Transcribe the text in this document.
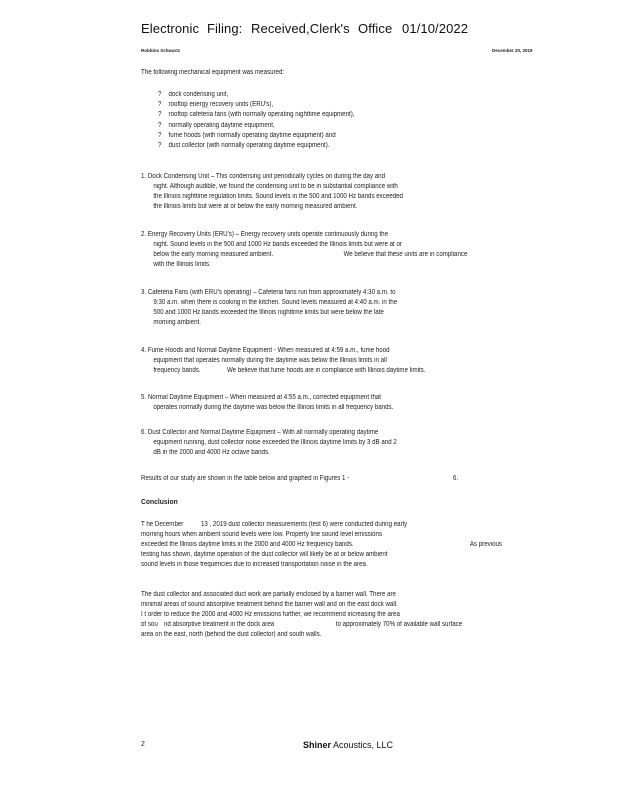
Electronic Filing: Received,Clerk's Office 01/10/2022
Robbins Schwartz	December 20, 2019
The following mechanical equipment was measured:
? dock condensing unit,
? rooftop energy recovery units (ERU's),
? rooftop cafeteria fans (with normally operating nighttime equipment),
? normally operating daytime equipment,
? fume hoods (with normally operating daytime equipment) and
? dust collector (with normally operating daytime equipment).
1. Dock Condensing Unit – This condensing unit periodically cycles on during the day and
night. Although audible, we found the condensing unit to be in substantial compliance with
the Illinois nighttime regulation limits. Sound levels in the 500 and 1000 Hz bands exceeded
the Illinois limits but were at or below the early morning measured ambient.
2. Energy Recovery Units (ERU's) – Energy recovery units operate continuously during the
night. Sound levels in the 500 and 1000 Hz bands exceeded the Illinois limits but were at or
below the early morning measured ambient.	We believe that these units are in compliance
with the Illinois limits.
3. Cafeteria Fans (with ERU's operating) – Cafeteria fans run from approximately 4:30 a.m. to
9:30 a.m. when there is cooking in the kitchen. Sound levels measured at 4:40 a.m. in the
500 and 1000 Hz bands exceeded the Illinois nighttime limits but were below the late
morning ambient.
4. Fume Hoods and Normal Daytime Equipment - When measured at 4:59 a.m., fume hood
equipment that operates normally during the daytime was below the Illinois limits in all
frequency bands.	We believe that fume hoods are in compliance with Illinois daytime limits.
5. Normal Daytime Equipment – When measured at 4:55 a.m., corrected equipment that
operates normally during the daytime was below the Illinois limits in all frequency bands.
6. Dust Collector and Normal Daytime Equipment – With all normally operating daytime
equipment running, dust collector noise exceeded the Illinois daytime limits by 3 dB and 2
dB in the 2000 and 4000 Hz octave bands.
Results of our study are shown in the table below and graphed in Figures 1 -	6.
Conclusion
T he December	13 , 2019 dust collector measurements (test 6) were conducted during early
morning hours when ambient sound levels were low. Property line sound level emissions
exceeded the Illinois daytime limits in the 2000 and 4000 Hz frequency bands.	As previous
testing has shown, daytime operation of the dust collector will likely be at or below ambient
sound levels in those frequencies due to increased transportation noise in the area.
The dust collector and associated duct work are partially enclosed by a barrier wall. There are
minimal areas of sound absorptive treatment behind the barrier wall and on the east dock wall.
I t order to reduce the 2000 and 4000 Hz emissions further, we recommend increasing the area
of sou nd absorptive treatment in the dock area	to approximately 70% of available wall surface
area on the east, north (behind the dust collector) and south walls.
2	Shiner Acoustics, LLC
